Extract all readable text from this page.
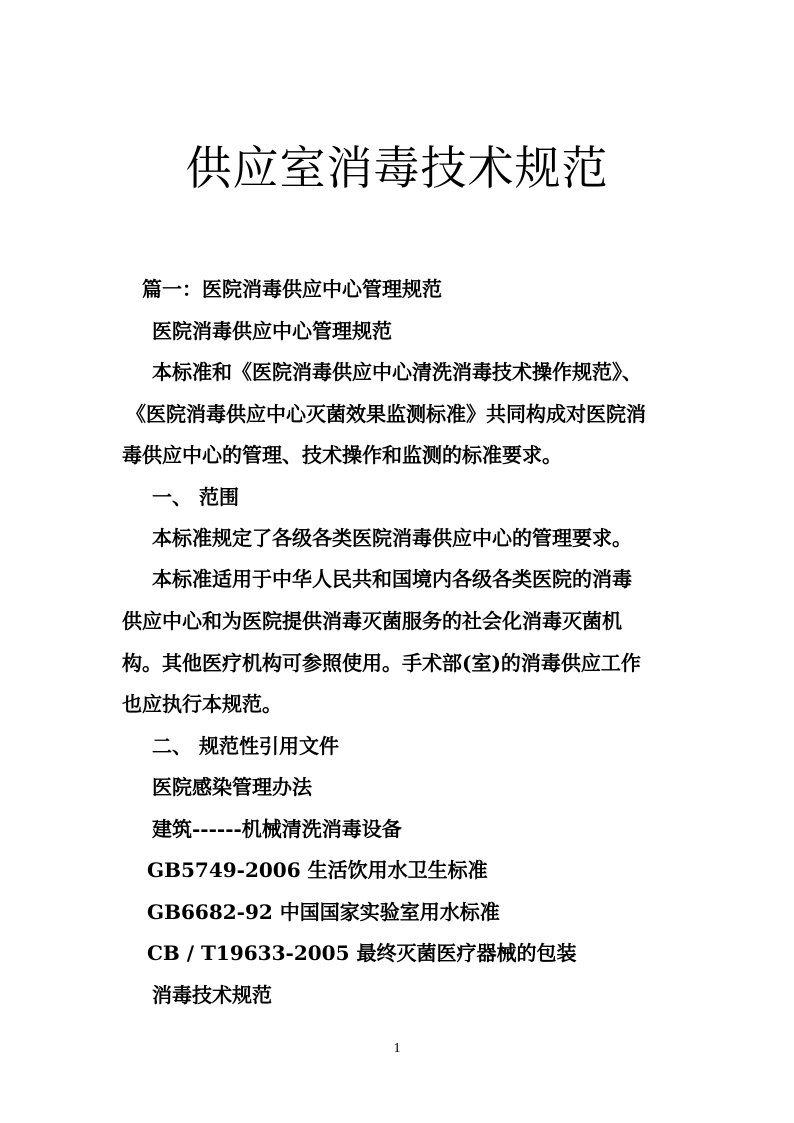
供应室消毒技术规范
篇一：医院消毒供应中心管理规范
医院消毒供应中心管理规范
本标准和《医院消毒供应中心清洗消毒技术操作规范》、
《医院消毒供应中心灭菌效果监测标准》共同构成对医院消
毒供应中心的管理、技术操作和监测的标准要求。
一、 范围
本标准规定了各级各类医院消毒供应中心的管理要求。
本标准适用于中华人民共和国境内各级各类医院的消毒
供应中心和为医院提供消毒灭菌服务的社会化消毒灭菌机
构。其他医疗机构可参照使用。手术部(室)的消毒供应工作
也应执行本规范。
二、 规范性引用文件
医院感染管理办法
建筑------机械清洗消毒设备
GB5749-2006 生活饮用水卫生标准
GB6682-92 中国国家实验室用水标准
CB / T19633-2005 最终灭菌医疗器械的包装
消毒技术规范
1
